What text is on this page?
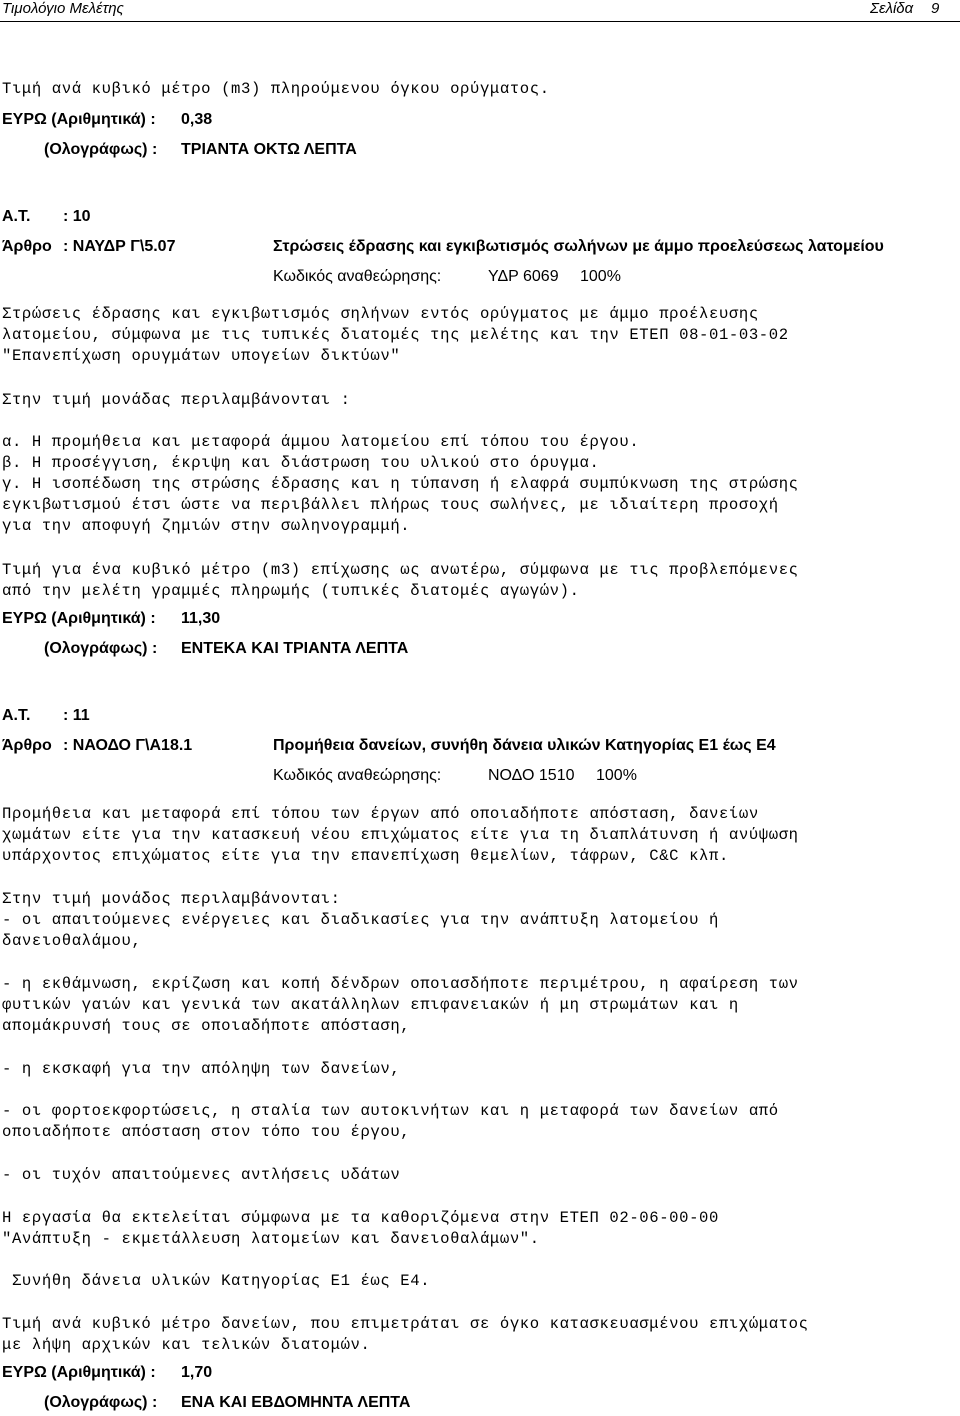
Τιμολόγιο Μελέτης	Σελίδα 9
Τιμή ανά κυβικό μέτρο (m3) πληρούμενου όγκου ορύγματος.
ΕΥΡΩ (Αριθμητικά) : 0,38
(Ολογράφως) : ΤΡΙΑΝΤΑ ΟΚΤΩ ΛΕΠΤΑ
Α.Τ. : 10
Άρθρο : ΝΑΥΔΡ Γ\5.07	Στρώσεις έδρασης και εγκιβωτισμός σωλήνων με άμμο προελεύσεως λατομείου
Κωδικός αναθεώρησης:	ΥΔΡ 6069 100%
Στρώσεις έδρασης και εγκιβωτισμός σηλήνων εντός ορύγματος με άμμο προέλευσης
λατομείου, σύμφωνα με τις τυπικές διατομές της μελέτης και την ΕΤΕΠ 08-01-03-02
"Επανεπίχωση ορυγμάτων υπογείων δικτύων"
Στην τιμή μονάδας περιλαμβάνονται :
α. Η προμήθεια και μεταφορά άμμου λατομείου επί τόπου του έργου.
β. Η προσέγγιση, έκριψη και διάστρωση του υλικού στο όρυγμα.
γ. Η ισοπέδωση της στρώσης έδρασης και η τύπανση ή ελαφρά συμπύκνωση της στρώσης
εγκιβωτισμού έτσι ώστε να περιβάλλει πλήρως τους σωλήνες, με ιδιαίτερη προσοχή
για την αποφυγή ζημιών στην σωληνογραμμή.
Τιμή για ένα κυβικό μέτρο (m3) επίχωσης ως ανωτέρω, σύμφωνα με τις προβλεπόμενες
από την μελέτη γραμμές πληρωμής (τυπικές διατομές αγωγών).
ΕΥΡΩ (Αριθμητικά) : 11,30
(Ολογράφως) : ΕΝΤΕΚΑ ΚΑΙ ΤΡΙΑΝΤΑ ΛΕΠΤΑ
Α.Τ. : 11
Άρθρο : ΝΑΟΔΟ Γ\Α18.1	Προμήθεια δανείων, συνήθη δάνεια υλικών Κατηγορίας Ε1 έως Ε4
Κωδικός αναθεώρησης:	ΝΟΔΟ 1510 100%
Προμήθεια και μεταφορά επί τόπου των έργων από οποιαδήποτε απόσταση, δανείων
χωμάτων είτε για την κατασκευή νέου επιχώματος είτε για τη διαπλάτυνση ή ανύψωση
υπάρχοντος επιχώματος είτε για την επανεπίχωση θεμελίων, τάφρων, C&C κλπ.
Στην τιμή μονάδος περιλαμβάνονται:
- οι απαιτούμενες ενέργειες και διαδικασίες για την ανάπτυξη λατομείου ή
δανειοθαλάμου,
- η εκθάμνωση, εκρίζωση και κοπή δένδρων οποιασδήποτε περιμέτρου, η αφαίρεση των
φυτικών γαιών και γενικά των ακατάλληλων επιφανειακών ή μη στρωμάτων και η
απομάκρυνσή τους σε οποιαδήποτε απόσταση,
- η εκσκαφή για την απόληψη των δανείων,
- οι φορτοεκφορτώσεις, η σταλία των αυτοκινήτων και η μεταφορά των δανείων από
οποιαδήποτε απόσταση στον τόπο του έργου,
- οι τυχόν απαιτούμενες αντλήσεις υδάτων
Η εργασία θα εκτελείται σύμφωνα με τα καθοριζόμενα στην ΕΤΕΠ 02-06-00-00
"Ανάπτυξη - εκμετάλλευση λατομείων και δανειοθαλάμων".
Συνήθη δάνεια υλικών Κατηγορίας Ε1 έως Ε4.
Τιμή ανά κυβικό μέτρο δανείων, που επιμετράται σε όγκο κατασκευασμένου επιχώματος
με λήψη αρχικών και τελικών διατομών.
ΕΥΡΩ (Αριθμητικά) : 1,70
(Ολογράφως) : ΕΝΑ ΚΑΙ ΕΒΔΟΜΗΝΤΑ ΛΕΠΤΑ
